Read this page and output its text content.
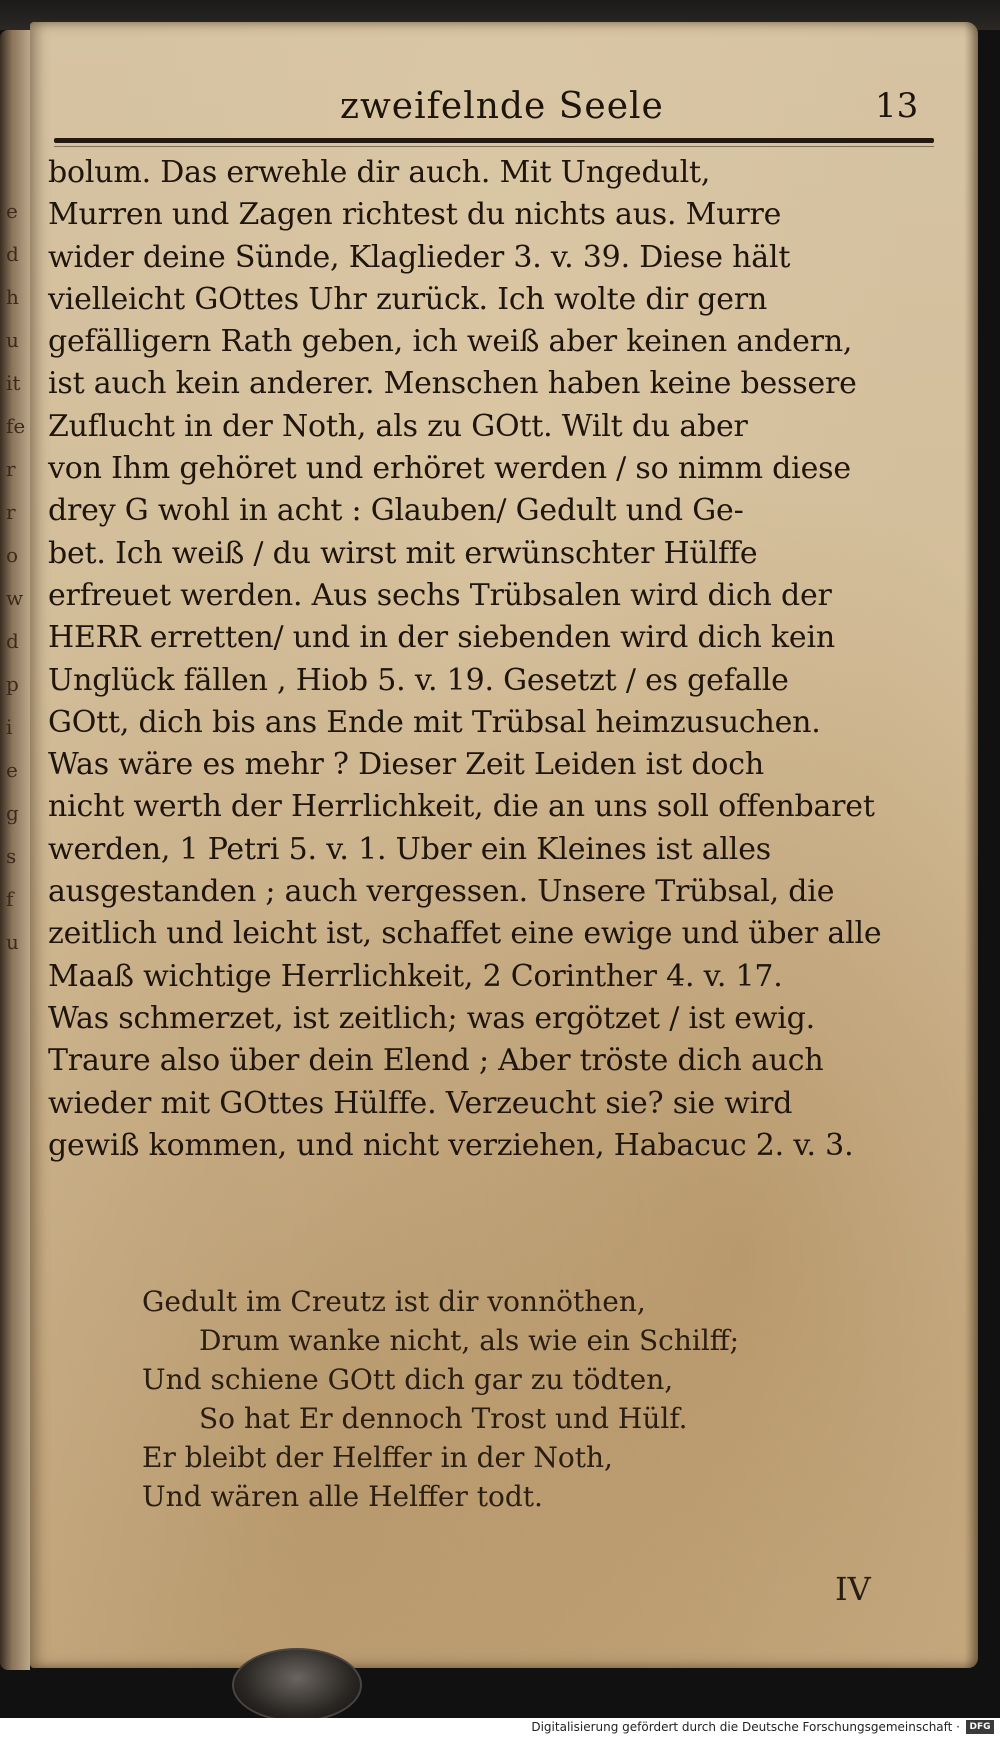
e d h u it fe r r o w d p i e g s f u
zweifelnde Seele	13
bolum. Das erwehle dir auch. Mit Ungedult,
Murren und Zagen richtest du nichts aus. Murre
wider deine Sünde, Klaglieder 3. v. 39. Diese hält
vielleicht GOttes Uhr zurück. Ich wolte dir gern
gefälligern Rath geben, ich weiß aber keinen andern,
ist auch kein anderer. Menschen haben keine bessere
Zuflucht in der Noth, als zu GOtt. Wilt du aber
von Ihm gehöret und erhöret werden / so nimm diese
drey G wohl in acht : Glauben/ Gedult und Ge-
bet. Ich weiß / du wirst mit erwünschter Hülffe
erfreuet werden. Aus sechs Trübsalen wird dich der
HERR erretten/ und in der siebenden wird dich kein
Unglück fällen , Hiob 5. v. 19. Gesetzt / es gefalle
GOtt, dich bis ans Ende mit Trübsal heimzusuchen.
Was wäre es mehr ? Dieser Zeit Leiden ist doch
nicht werth der Herrlichkeit, die an uns soll offenbaret
werden, 1 Petri 5. v. 1. Uber ein Kleines ist alles
ausgestanden ; auch vergessen. Unsere Trübsal, die
zeitlich und leicht ist, schaffet eine ewige und über alle
Maaß wichtige Herrlichkeit, 2 Corinther 4. v. 17.
Was schmerzet, ist zeitlich; was ergötzet / ist ewig.
Traure also über dein Elend ; Aber tröste dich auch
wieder mit GOttes Hülffe. Verzeucht sie? sie wird
gewiß kommen, und nicht verziehen, Habacuc 2. v. 3.
Gedult im Creutz ist dir vonnöthen,
Drum wanke nicht, als wie ein Schilff;
Und schiene GOtt dich gar zu tödten,
So hat Er dennoch Trost und Hülf.
Er bleibt der Helffer in der Noth,
Und wären alle Helffer todt.
IV
Digitalisierung gefördert durch die Deutsche Forschungsgemeinschaft ·	DFG
